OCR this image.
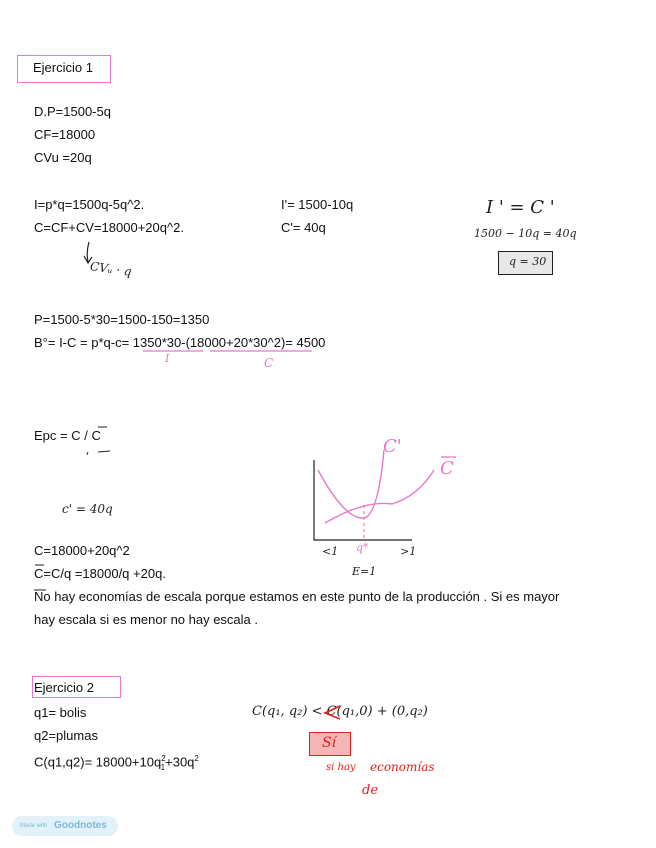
Ejercicio 1
D.P=1500-5q
CF=18000
CVu =20q
I=p*q=1500q-5q^2.
C=CF+CV=18000+20q^2.
I'= 1500-10q
C'= 40q
I ' = C '
1500 − 10q = 40q
q = 30
CVᵤ · q
P=1500-5*30=1500-150=1350
B°= I-C = p*q-c= 1350*30-(18000+20*30^2)= 4500
I	C
Epc = C / C
c' = 40q
C'
C
<1 q*	>1
E=1
C=18000+20q^2
C=C/q =18000/q +20q.
No hay economías de escala porque estamos en este punto de la producción . Si es mayor
hay escala si es menor no hay escala .
Ejercicio 2
q1= bolis
q2=plumas
$C(q1,q2)= 18000+10q^2_1+30q^2$
C(q₁, q₂) < C(q₁,0) + (0,q₂)
Sí
si hay economías
de
Made with Goodnotes
